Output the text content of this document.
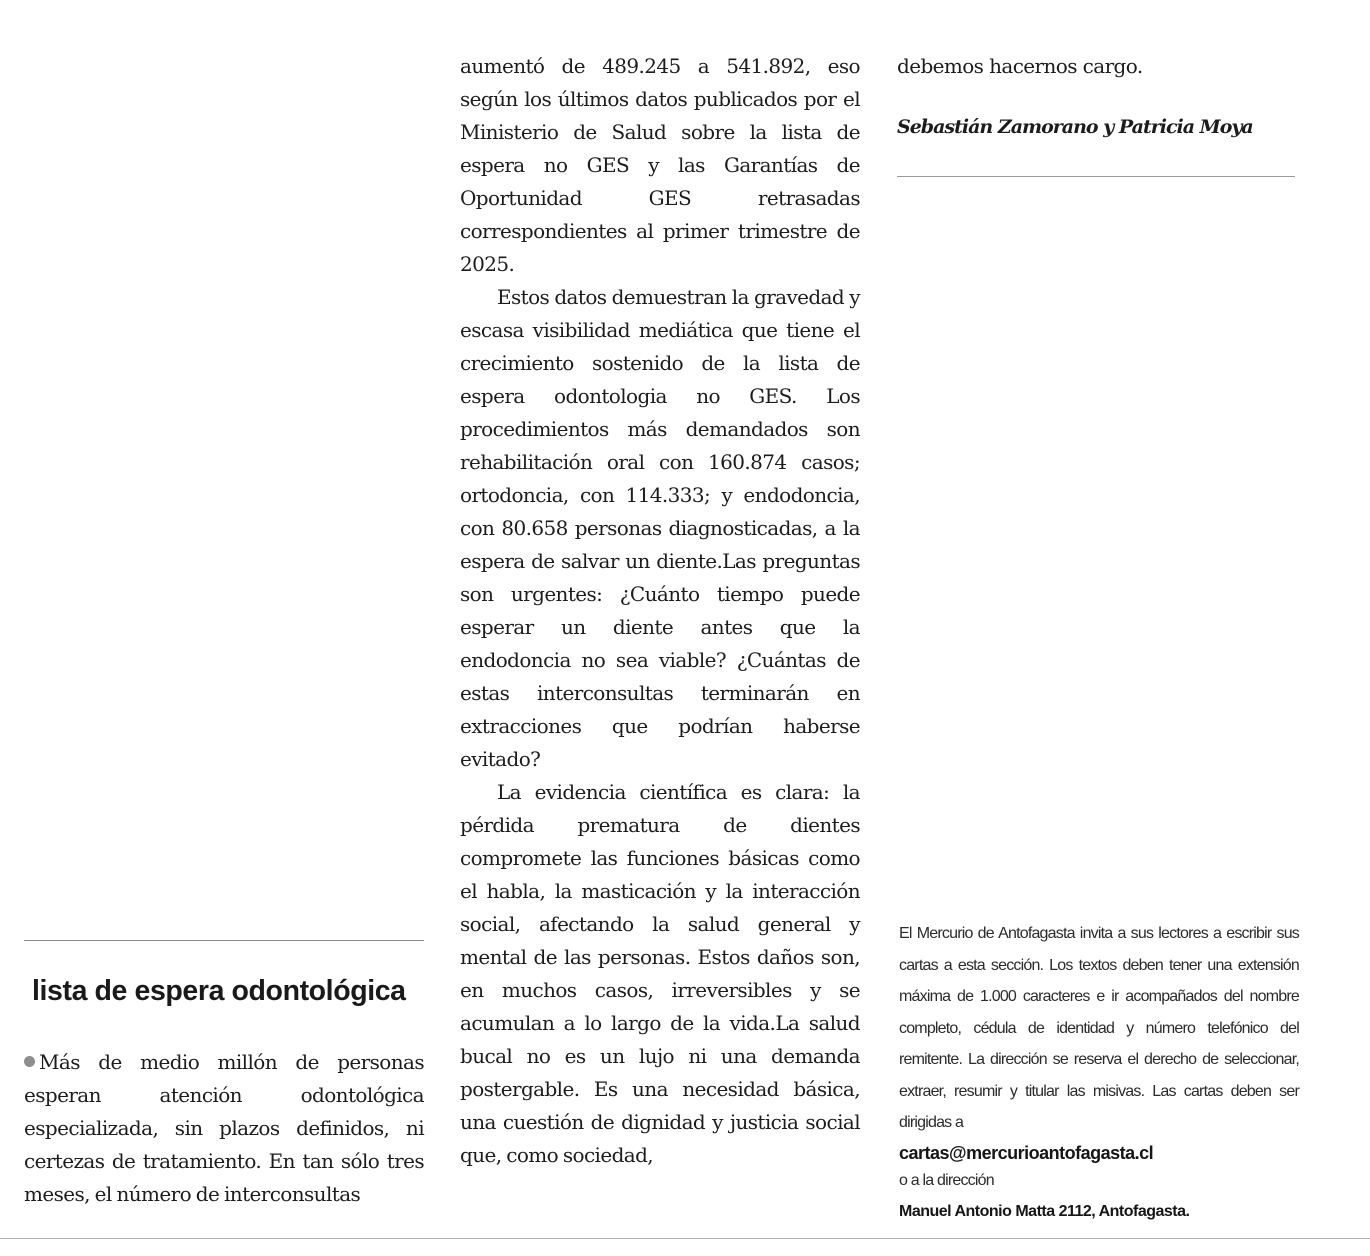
lista de espera odontológica
Más de medio millón de personas esperan atención odontológica especializada, sin plazos definidos, ni certezas de tratamiento. En tan sólo tres meses, el número de interconsultas

aumentó de 489.245 a 541.892, eso según los últimos datos publicados por el Ministerio de Salud sobre la lista de espera no GES y las Garantías de Oportunidad GES retrasadas correspondientes al primer trimestre de 2025.

Estos datos demuestran la gravedad y escasa visibilidad mediática que tiene el crecimiento sostenido de la lista de espera odontologia no GES. Los procedimientos más demandados son rehabilitación oral con 160.874 casos; ortodoncia, con 114.333; y endodoncia, con 80.658 personas diagnosticadas, a la espera de salvar un diente.Las preguntas son urgentes: ¿Cuánto tiempo puede esperar un diente antes que la endodoncia no sea viable? ¿Cuántas de estas interconsultas terminarán en extracciones que podrían haberse evitado?

La evidencia científica es clara: la pérdida prematura de dientes compromete las funciones básicas como el habla, la masticación y la interacción social, afectando la salud general y mental de las personas. Estos daños son, en muchos casos, irreversibles y se acumulan a lo largo de la vida.La salud bucal no es un lujo ni una demanda postergable. Es una necesidad básica, una cuestión de dignidad y justicia social que, como sociedad,

debemos hacernos cargo.
Sebastián Zamorano y Patricia Moya
El Mercurio de Antofagasta invita a sus lectores a escribir sus cartas a esta sección. Los textos deben tener una extensión máxima de 1.000 caracteres e ir acompañados del nombre completo, cédula de identidad y número telefónico del remitente. La dirección se reserva el derecho de seleccionar, extraer, resumir y titular las misivas. Las cartas deben ser dirigidas a
cartas@mercurioantofagasta.cl
o a la dirección
Manuel Antonio Matta 2112, Antofagasta.
